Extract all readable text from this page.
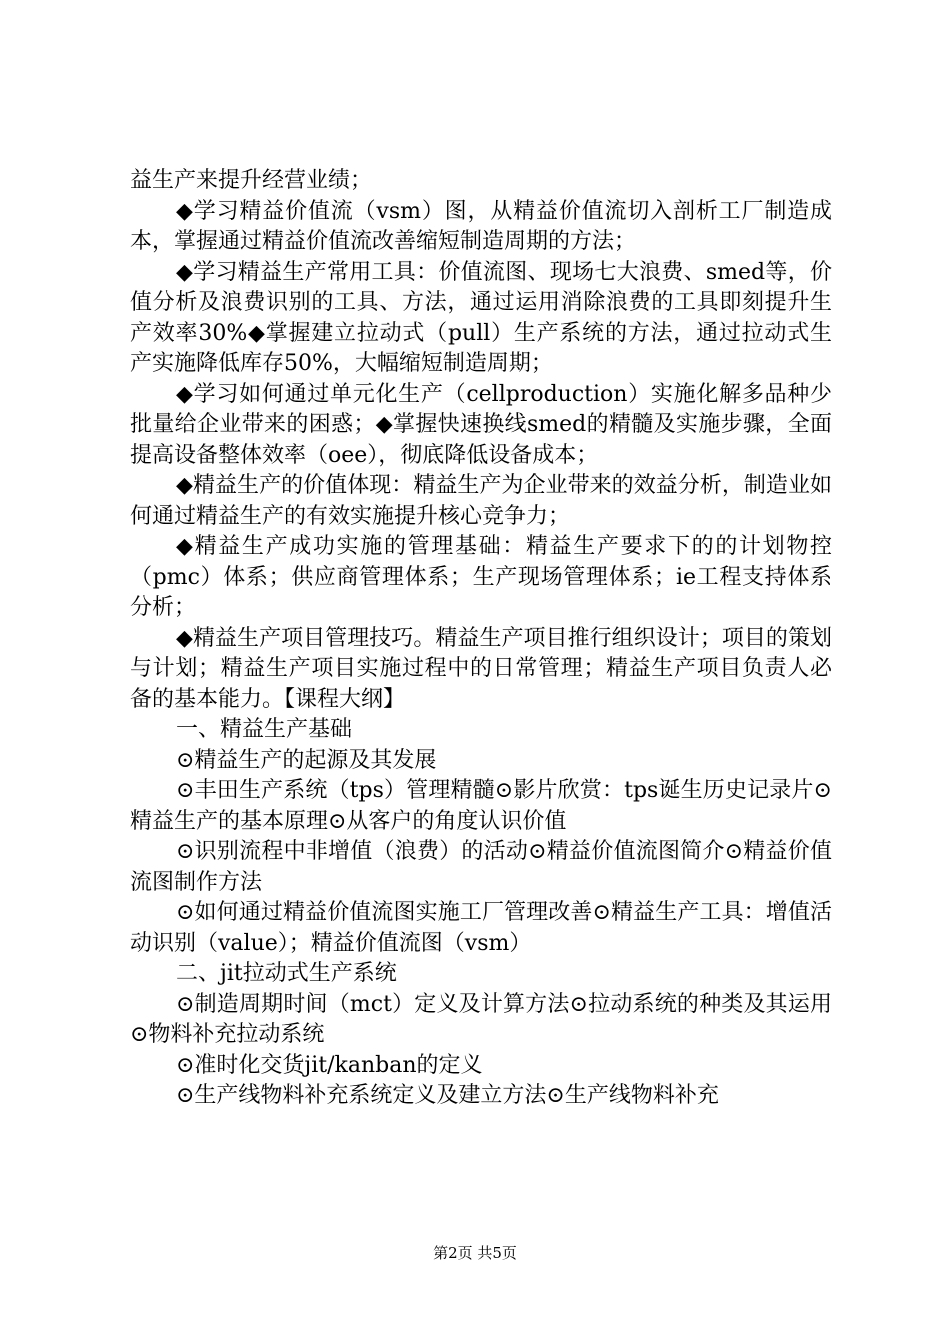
益生产来提升经营业绩；

◆学习精益价值流（vsm）图，从精益价值流切入剖析工厂制造成本，掌握通过精益价值流改善缩短制造周期的方法；

◆学习精益生产常用工具：价值流图、现场七大浪费、smed等，价值分析及浪费识别的工具、方法，通过运用消除浪费的工具即刻提升生产效率30%◆掌握建立拉动式（pull）生产系统的方法，通过拉动式生产实施降低库存50%，大幅缩短制造周期；

◆学习如何通过单元化生产（cellproduction）实施化解多品种少批量给企业带来的困惑；◆掌握快速换线smed的精髓及实施步骤，全面提高设备整体效率（oee），彻底降低设备成本；

◆精益生产的价值体现：精益生产为企业带来的效益分析，制造业如何通过精益生产的有效实施提升核心竞争力；

◆精益生产成功实施的管理基础：精益生产要求下的的计划物控（pmc）体系；供应商管理体系；生产现场管理体系；ie工程支持体系分析；

◆精益生产项目管理技巧。精益生产项目推行组织设计；项目的策划与计划；精益生产项目实施过程中的日常管理；精益生产项目负责人必备的基本能力。【课程大纲】

一、精益生产基础

⊙精益生产的起源及其发展

⊙丰田生产系统（tps）管理精髓⊙影片欣赏：tps诞生历史记录片⊙精益生产的基本原理⊙从客户的角度认识价值

⊙识别流程中非增值（浪费）的活动⊙精益价值流图简介⊙精益价值流图制作方法

⊙如何通过精益价值流图实施工厂管理改善⊙精益生产工具：增值活动识别（value）；精益价值流图（vsm）

二、jit拉动式生产系统

⊙制造周期时间（mct）定义及计算方法⊙拉动系统的种类及其运用⊙物料补充拉动系统

⊙准时化交货jit/kanban的定义

⊙生产线物料补充系统定义及建立方法⊙生产线物料补充

第2页 共5页
